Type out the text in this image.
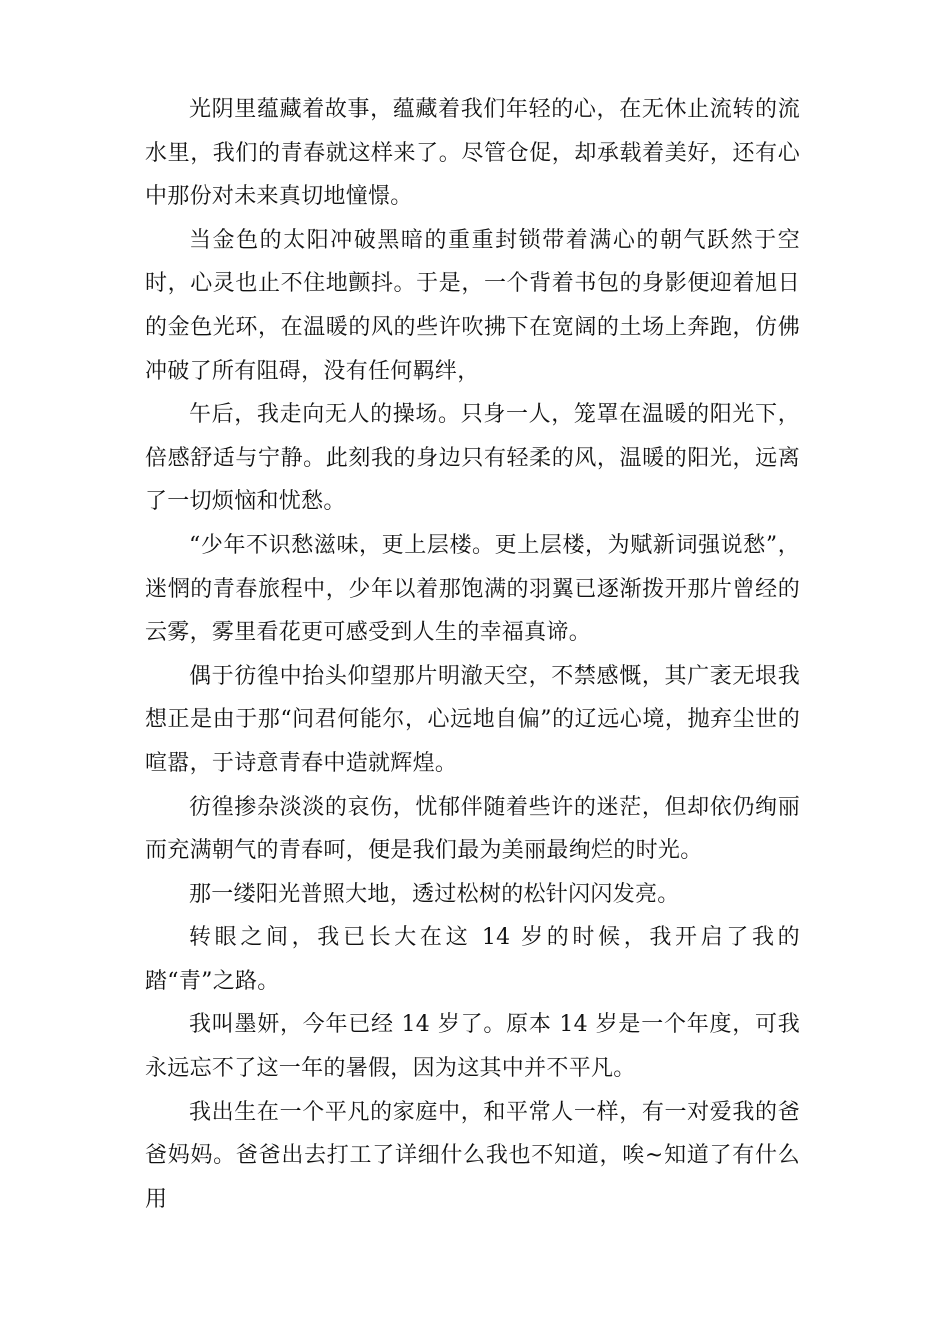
光阴里蕴藏着故事，蕴藏着我们年轻的心，在无休止流转的流水里，我们的青春就这样来了。尽管仓促，却承载着美好，还有心中那份对未来真切地憧憬。

当金色的太阳冲破黑暗的重重封锁带着满心的朝气跃然于空时，心灵也止不住地颤抖。于是，一个背着书包的身影便迎着旭日的金色光环，在温暖的风的些许吹拂下在宽阔的土场上奔跑，仿佛冲破了所有阻碍，没有任何羁绊，

午后，我走向无人的操场。只身一人，笼罩在温暖的阳光下，倍感舒适与宁静。此刻我的身边只有轻柔的风，温暖的阳光，远离了一切烦恼和忧愁。

“少年不识愁滋味，更上层楼。更上层楼，为赋新词强说愁”，迷惘的青春旅程中，少年以着那饱满的羽翼已逐渐拨开那片曾经的云雾，雾里看花更可感受到人生的幸福真谛。

偶于彷徨中抬头仰望那片明澈天空，不禁感慨，其广袤无垠我想正是由于那“问君何能尔，心远地自偏”的辽远心境，抛弃尘世的喧嚣，于诗意青春中造就辉煌。

彷徨掺杂淡淡的哀伤，忧郁伴随着些许的迷茫，但却依仍绚丽而充满朝气的青春呵，便是我们最为美丽最绚烂的时光。

那一缕阳光普照大地，透过松树的松针闪闪发亮。

转眼之间，我已长大在这 14 岁的时候，我开启了我的踏“青”之路。

我叫墨妍，今年已经 14 岁了。原本 14 岁是一个年度，可我永远忘不了这一年的暑假，因为这其中并不平凡。

我出生在一个平凡的家庭中，和平常人一样，有一对爱我的爸爸妈妈。爸爸出去打工了详细什么我也不知道，唉~知道了有什么用
